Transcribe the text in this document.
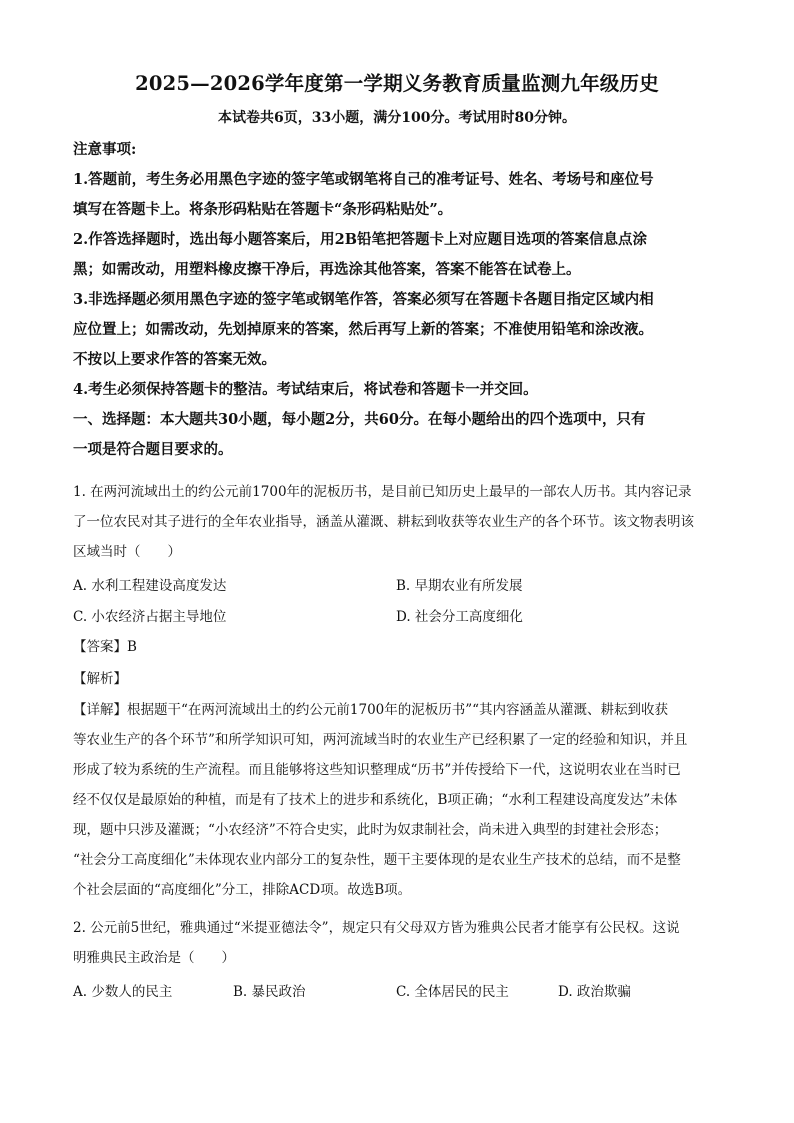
2025—2026学年度第一学期义务教育质量监测九年级历史
本试卷共6页，33小题，满分100分。考试用时80分钟。
注意事项:
1.答题前，考生务必用黑色字迹的签字笔或钢笔将自己的准考证号、姓名、考场号和座位号
填写在答题卡上。将条形码粘贴在答题卡“条形码粘贴处”。
2.作答选择题时，选出每小题答案后，用2B铅笔把答题卡上对应题目选项的答案信息点涂
黑；如需改动，用塑料橡皮擦干净后，再选涂其他答案，答案不能答在试卷上。
3.非选择题必须用黑色字迹的签字笔或钢笔作答，答案必须写在答题卡各题目指定区域内相
应位置上；如需改动，先划掉原来的答案，然后再写上新的答案；不准使用铅笔和涂改液。
不按以上要求作答的答案无效。
4.考生必须保持答题卡的整洁。考试结束后，将试卷和答题卡一并交回。
一、选择题：本大题共30小题，每小题2分，共60分。在每小题给出的四个选项中，只有
一项是符合题目要求的。
1. 在两河流域出土的约公元前1700年的泥板历书，是目前已知历史上最早的一部农人历书。其内容记录
了一位农民对其子进行的全年农业指导，涵盖从灌溉、耕耘到收获等农业生产的各个环节。该文物表明该
区域当时（　　）
A. 水利工程建设高度发达	B. 早期农业有所发展
C. 小农经济占据主导地位	D. 社会分工高度细化
【答案】B
【解析】
【详解】根据题干“在两河流域出土的约公元前1700年的泥板历书”“其内容涵盖从灌溉、耕耘到收获
等农业生产的各个环节”和所学知识可知，两河流域当时的农业生产已经积累了一定的经验和知识，并且
形成了较为系统的生产流程。而且能够将这些知识整理成“历书”并传授给下一代，这说明农业在当时已
经不仅仅是最原始的种植，而是有了技术上的进步和系统化，B项正确；“水利工程建设高度发达”未体
现，题中只涉及灌溉；“小农经济”不符合史实，此时为奴隶制社会，尚未进入典型的封建社会形态；
“社会分工高度细化”未体现农业内部分工的复杂性，题干主要体现的是农业生产技术的总结，而不是整
个社会层面的“高度细化”分工，排除ACD项。故选B项。
2. 公元前5世纪，雅典通过“米提亚德法令”，规定只有父母双方皆为雅典公民者才能享有公民权。这说
明雅典民主政治是（　　）
A. 少数人的民主	B. 暴民政治	C. 全体居民的民主	D. 政治欺骗
